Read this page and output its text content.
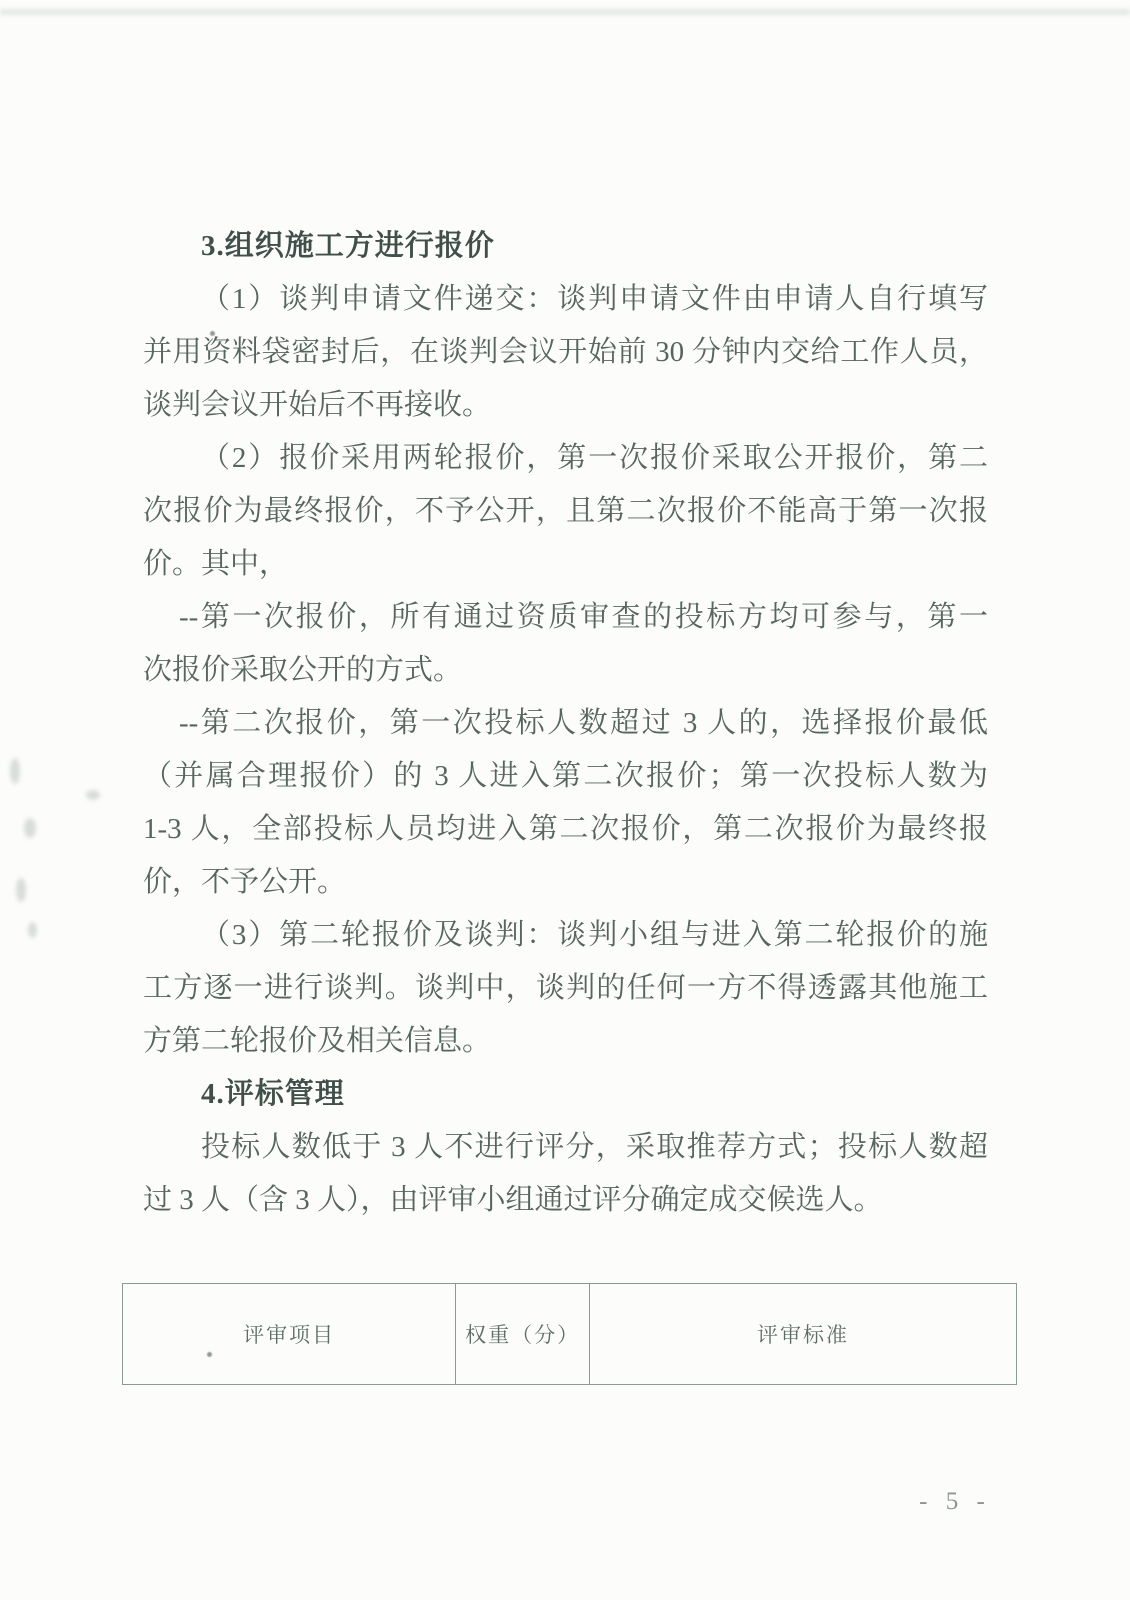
3.组织施工方进行报价
（1）谈判申请文件递交：谈判申请文件由申请人自行填写
并用资料袋密封后，在谈判会议开始前 30 分钟内交给工作人员，
谈判会议开始后不再接收。
（2）报价采用两轮报价，第一次报价采取公开报价，第二
次报价为最终报价，不予公开，且第二次报价不能高于第一次报
价。其中，
--第一次报价，所有通过资质审查的投标方均可参与，第一
次报价采取公开的方式。
--第二次报价，第一次投标人数超过 3 人的，选择报价最低
（并属合理报价）的 3 人进入第二次报价；第一次投标人数为
1-3 人，全部投标人员均进入第二次报价，第二次报价为最终报
价，不予公开。
（3）第二轮报价及谈判：谈判小组与进入第二轮报价的施
工方逐一进行谈判。谈判中，谈判的任何一方不得透露其他施工
方第二轮报价及相关信息。
4.评标管理
投标人数低于 3 人不进行评分，采取推荐方式；投标人数超
过 3 人（含 3 人），由评审小组通过评分确定成交候选人。
评审项目	权重（分）	评审标准
- 5 -
